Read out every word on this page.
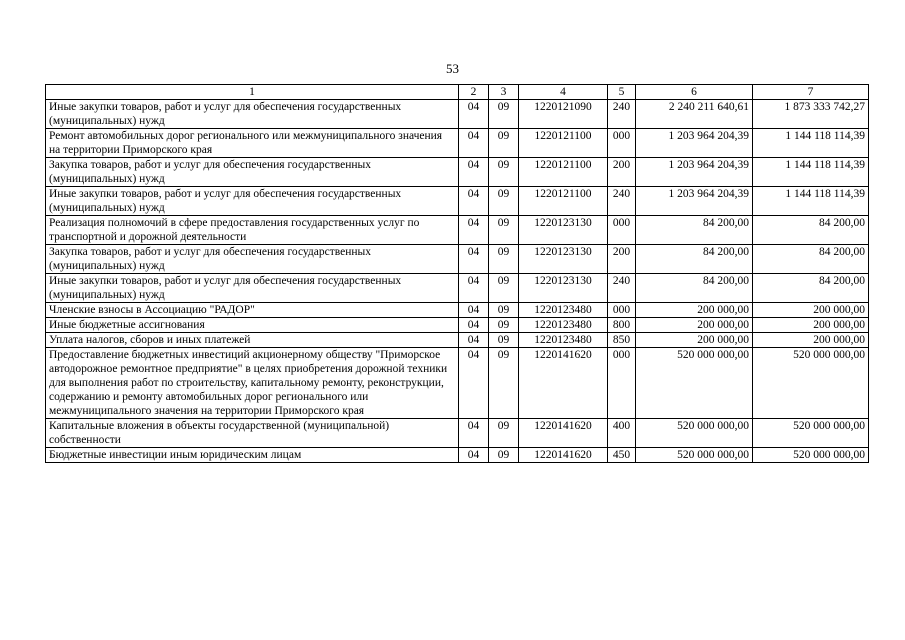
53
1	2	3	4	5	6	7
Иные закупки товаров, работ и услуг для обеспечения государственных (муниципальных) нужд	04	09	1220121090	240	2 240 211 640,61	1 873 333 742,27
Ремонт автомобильных дорог регионального или межмуниципального значения на территории Приморского края	04	09	1220121100	000	1 203 964 204,39	1 144 118 114,39
Закупка товаров, работ и услуг для обеспечения государственных (муниципальных) нужд	04	09	1220121100	200	1 203 964 204,39	1 144 118 114,39
Иные закупки товаров, работ и услуг для обеспечения государственных (муниципальных) нужд	04	09	1220121100	240	1 203 964 204,39	1 144 118 114,39
Реализация полномочий в сфере предоставления государственных услуг по транспортной и дорожной деятельности	04	09	1220123130	000	84 200,00	84 200,00
Закупка товаров, работ и услуг для обеспечения государственных (муниципальных) нужд	04	09	1220123130	200	84 200,00	84 200,00
Иные закупки товаров, работ и услуг для обеспечения государственных (муниципальных) нужд	04	09	1220123130	240	84 200,00	84 200,00
Членские взносы в Ассоциацию "РАДОР"	04	09	1220123480	000	200 000,00	200 000,00
Иные бюджетные ассигнования	04	09	1220123480	800	200 000,00	200 000,00
Уплата налогов, сборов и иных платежей	04	09	1220123480	850	200 000,00	200 000,00
Предоставление бюджетных инвестиций акционерному обществу "Приморское автодорожное ремонтное предприятие" в целях приобретения дорожной техники для выполнения работ по строительству, капитальному ремонту, реконструкции, содержанию и ремонту автомобильных дорог регионального или межмуниципального значения на территории Приморского края	04	09	1220141620	000	520 000 000,00	520 000 000,00
Капитальные вложения в объекты государственной (муниципальной) собственности	04	09	1220141620	400	520 000 000,00	520 000 000,00
Бюджетные инвестиции иным юридическим лицам	04	09	1220141620	450	520 000 000,00	520 000 000,00
